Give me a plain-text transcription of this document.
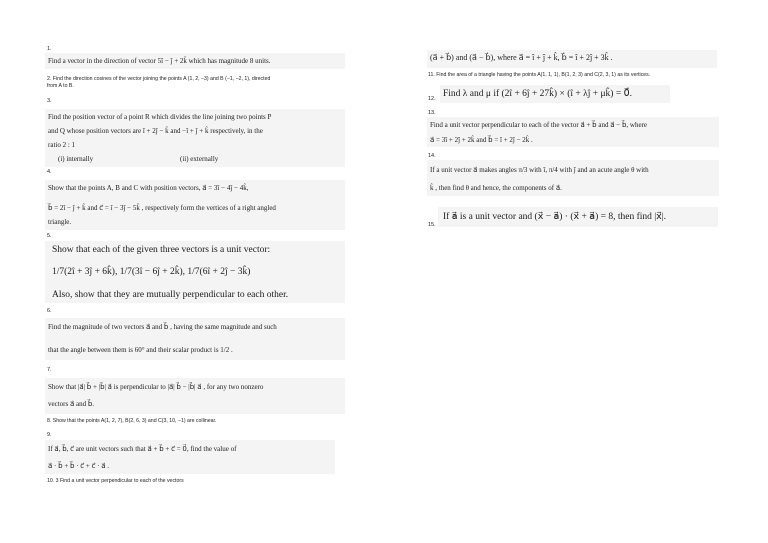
1.
Find a vector in the direction of vector 5î − ĵ + 2k̂ which has magnitude 8 units.
2. Find the direction cosines of the vector joining the points A (1, 2, −3) and B (−1, −2, 1), directed
from A to B.
3.
Find the position vector of a point R which divides the line joining two points P
and Q whose position vectors are î + 2ĵ − k̂ and −î + ĵ + k̂ respectively, in the
ratio 2 : 1
(i) internally	(ii) externally
4.
Show that the points A, B and C with position vectors, a⃗ = 3î − 4ĵ − 4k̂,
b⃗ = 2î − ĵ + k̂ and c⃗ = î − 3ĵ − 5k̂ , respectively form the vertices of a right angled
triangle.
5.
Show that each of the given three vectors is a unit vector:
1/7(2î + 3ĵ + 6k̂), 1/7(3î − 6ĵ + 2k̂), 1/7(6î + 2ĵ − 3k̂)
Also, show that they are mutually perpendicular to each other.
6.
Find the magnitude of two vectors a⃗ and b⃗ , having the same magnitude and such
that the angle between them is 60° and their scalar product is 1/2 .
7.
Show that |a⃗| b⃗ + |b⃗| a⃗ is perpendicular to |a⃗| b⃗ − |b⃗| a⃗ , for any two nonzero
vectors a⃗ and b⃗.
8. Show that the points A(1, 2, 7), B(2, 6, 3) and C(3, 10, −1) are collinear.
9.
If a⃗, b⃗, c⃗ are unit vectors such that a⃗ + b⃗ + c⃗ = 0⃗, find the value of
a⃗ · b⃗ + b⃗ · c⃗ + c⃗ · a⃗ .
10. 3 Find a unit vector perpendicular to each of the vectors
(a⃗ + b⃗) and (a⃗ − b⃗), where a⃗ = î + ĵ + k̂, b⃗ = î + 2ĵ + 3k̂ .
11. Find the area of a triangle having the points A(1, 1, 1), B(1, 2, 3) and C(2, 3, 1) as its vertices.
12. Find λ and μ if (2î + 6ĵ + 27k̂) × (î + λĵ + μk̂) = 0⃗.
13.
Find a unit vector perpendicular to each of the vector a⃗ + b⃗ and a⃗ − b⃗, where
a⃗ = 3î + 2ĵ + 2k̂ and b⃗ = î + 2ĵ − 2k̂ .
14.
If a unit vector a⃗ makes angles π/3 with î, π/4 with ĵ and an acute angle θ with
k̂ , then find θ and hence, the components of a⃗.
15.
If a⃗ is a unit vector and (x⃗ − a⃗) · (x⃗ + a⃗) = 8, then find |x⃗|.
